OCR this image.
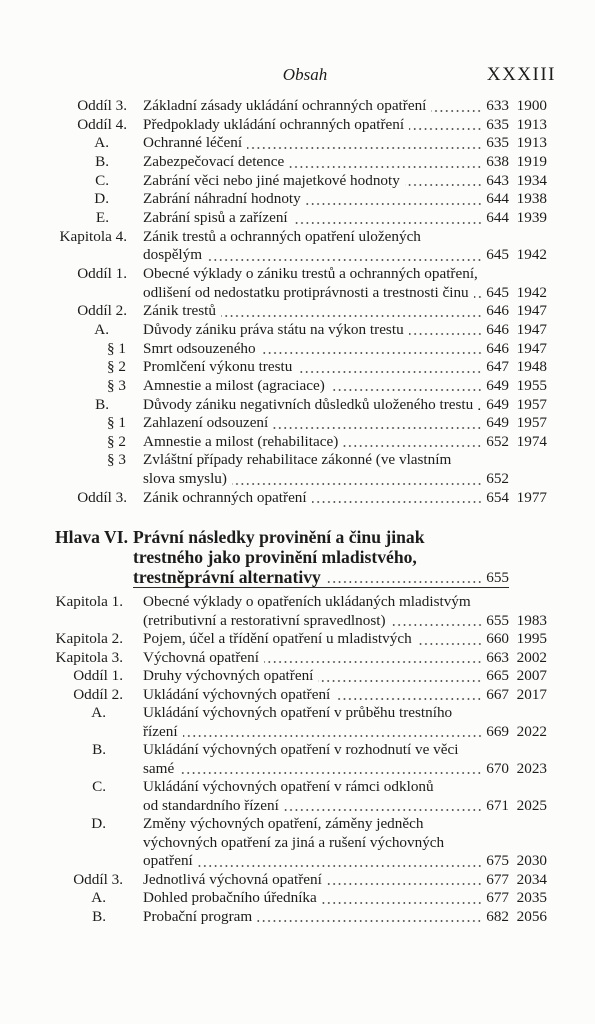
Obsah	XXXIII
Oddíl 3. Základní zásady ukládání ochranných opatření	633 1900
Oddíl 4. Předpoklady ukládání ochranných opatření	635 1913
A. Ochranné léčení	635 1913
B. Zabezpečovací detence	638 1919
C. Zabrání věci nebo jiné majetkové hodnoty	643 1934
D. Zabrání náhradní hodnoty	644 1938
E. Zabrání spisů a zařízení	644 1939
Kapitola 4. Zánik trestů a ochranných opatření uložených
dospělým	645 1942
Oddíl 1. Obecné výklady o zániku trestů a ochranných opatření,
odlišení od nedostatku protiprávnosti a trestnosti činu 645 1942
Oddíl 2. Zánik trestů	646 1947
A. Důvody zániku práva státu na výkon trestu	646 1947
§ 1 Smrt odsouzeného	646 1947
§ 2 Promlčení výkonu trestu	647 1948
§ 3 Amnestie a milost (agraciace)	649 1955
B. Důvody zániku negativních důsledků uloženého trestu 649 1957
§ 1 Zahlazení odsouzení	649 1957
§ 2 Amnestie a milost (rehabilitace)	652 1974
§ 3 Zvláštní případy rehabilitace zákonné (ve vlastním
slova smyslu)	652
Oddíl 3. Zánik ochranných opatření	654 1977
Hlava VI. Právní následky provinění a činu jinak
trestného jako provinění mladistvého,
trestněprávní alternativy	655
Kapitola 1. Obecné výklady o opatřeních ukládaných mladistvým
(retributivní a restorativní spravedlnost)	655 1983
Kapitola 2. Pojem, účel a třídění opatření u mladistvých	660 1995
Kapitola 3. Výchovná opatření	663 2002
Oddíl 1. Druhy výchovných opatření	665 2007
Oddíl 2. Ukládání výchovných opatření	667 2017
A. Ukládání výchovných opatření v průběhu trestního
řízení	669 2022
B. Ukládání výchovných opatření v rozhodnutí ve věci
samé	670 2023
C. Ukládání výchovných opatření v rámci odklonů
od standardního řízení	671 2025
D. Změny výchovných opatření, záměny jedněch
výchovných opatření za jiná a rušení výchovných
opatření	675 2030
Oddíl 3. Jednotlivá výchovná opatření	677 2034
A. Dohled probačního úředníka	677 2035
B. Probační program	682 2056
